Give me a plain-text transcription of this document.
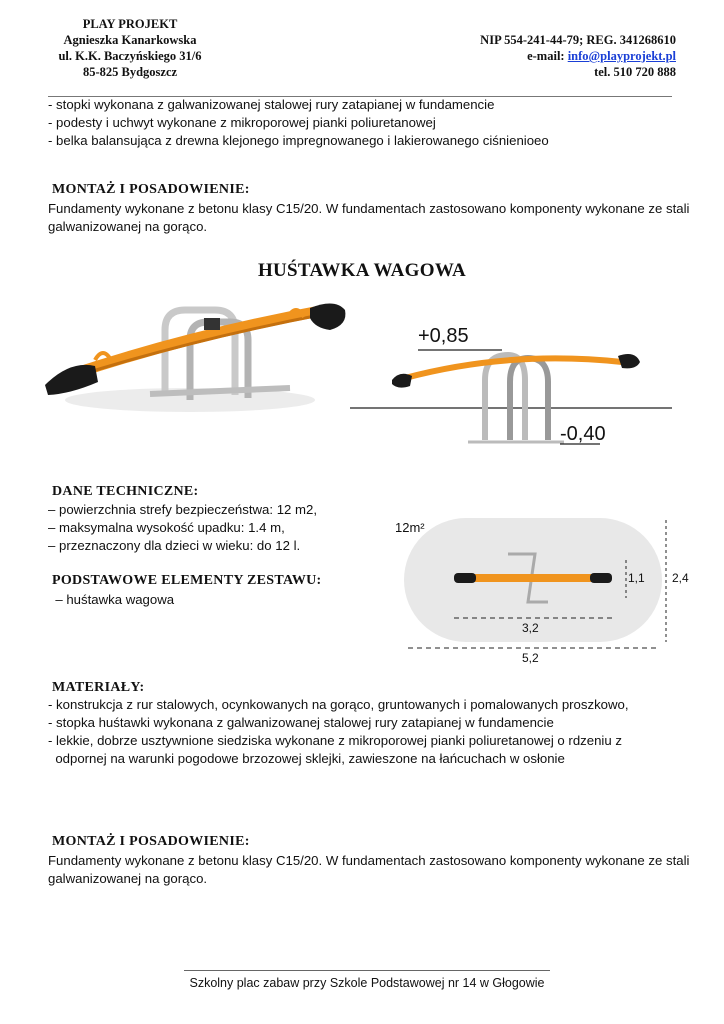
PLAY PROJEKT
Agnieszka Kanarkowska
ul. K.K. Baczyńskiego 31/6
85-825 Bydgoszcz
NIP 554-241-44-79; REG. 341268610
e-mail: info@playprojekt.pl
tel. 510 720 888
- stopki wykonana z galwanizowanej stalowej rury zatapianej w fundamencie
- podesty i uchwyt wykonane z mikroporowej pianki poliuretanowej
- belka balansująca z drewna klejonego impregnowanego i lakierowanego ciśnienioeo
MONTAŻ I POSADOWIENIE:
Fundamenty wykonane z betonu klasy C15/20. W fundamentach zastosowano komponenty wykonane ze stali galwanizowanej na gorąco.
HUŚTAWKA WAGOWA
+0,85
-0,40
DANE TECHNICZNE:
– powierzchnia strefy bezpieczeństwa: 12 m2,
– maksymalna wysokość upadku: 1.4 m,
– przeznaczony dla dzieci w wieku: do 12 l.
PODSTAWOWE ELEMENTY ZESTAWU:
– huśtawka wagowa
12m²
1,1 2,4
3,2
5,2
MATERIAŁY:
- konstrukcja z rur stalowych, ocynkowanych na gorąco, gruntowanych i pomalowanych proszkowo,
- stopka huśtawki wykonana z galwanizowanej stalowej rury zatapianej w fundamencie
- lekkie, dobrze usztywnione siedziska wykonane z mikroporowej pianki poliuretanowej o rdzeniu z
odpornej na warunki pogodowe brzozowej sklejki, zawieszone na łańcuchach w osłonie
MONTAŻ I POSADOWIENIE:
Fundamenty wykonane z betonu klasy C15/20. W fundamentach zastosowano komponenty wykonane ze stali galwanizowanej na gorąco.
Szkolny plac zabaw przy Szkole Podstawowej nr 14 w Głogowie
